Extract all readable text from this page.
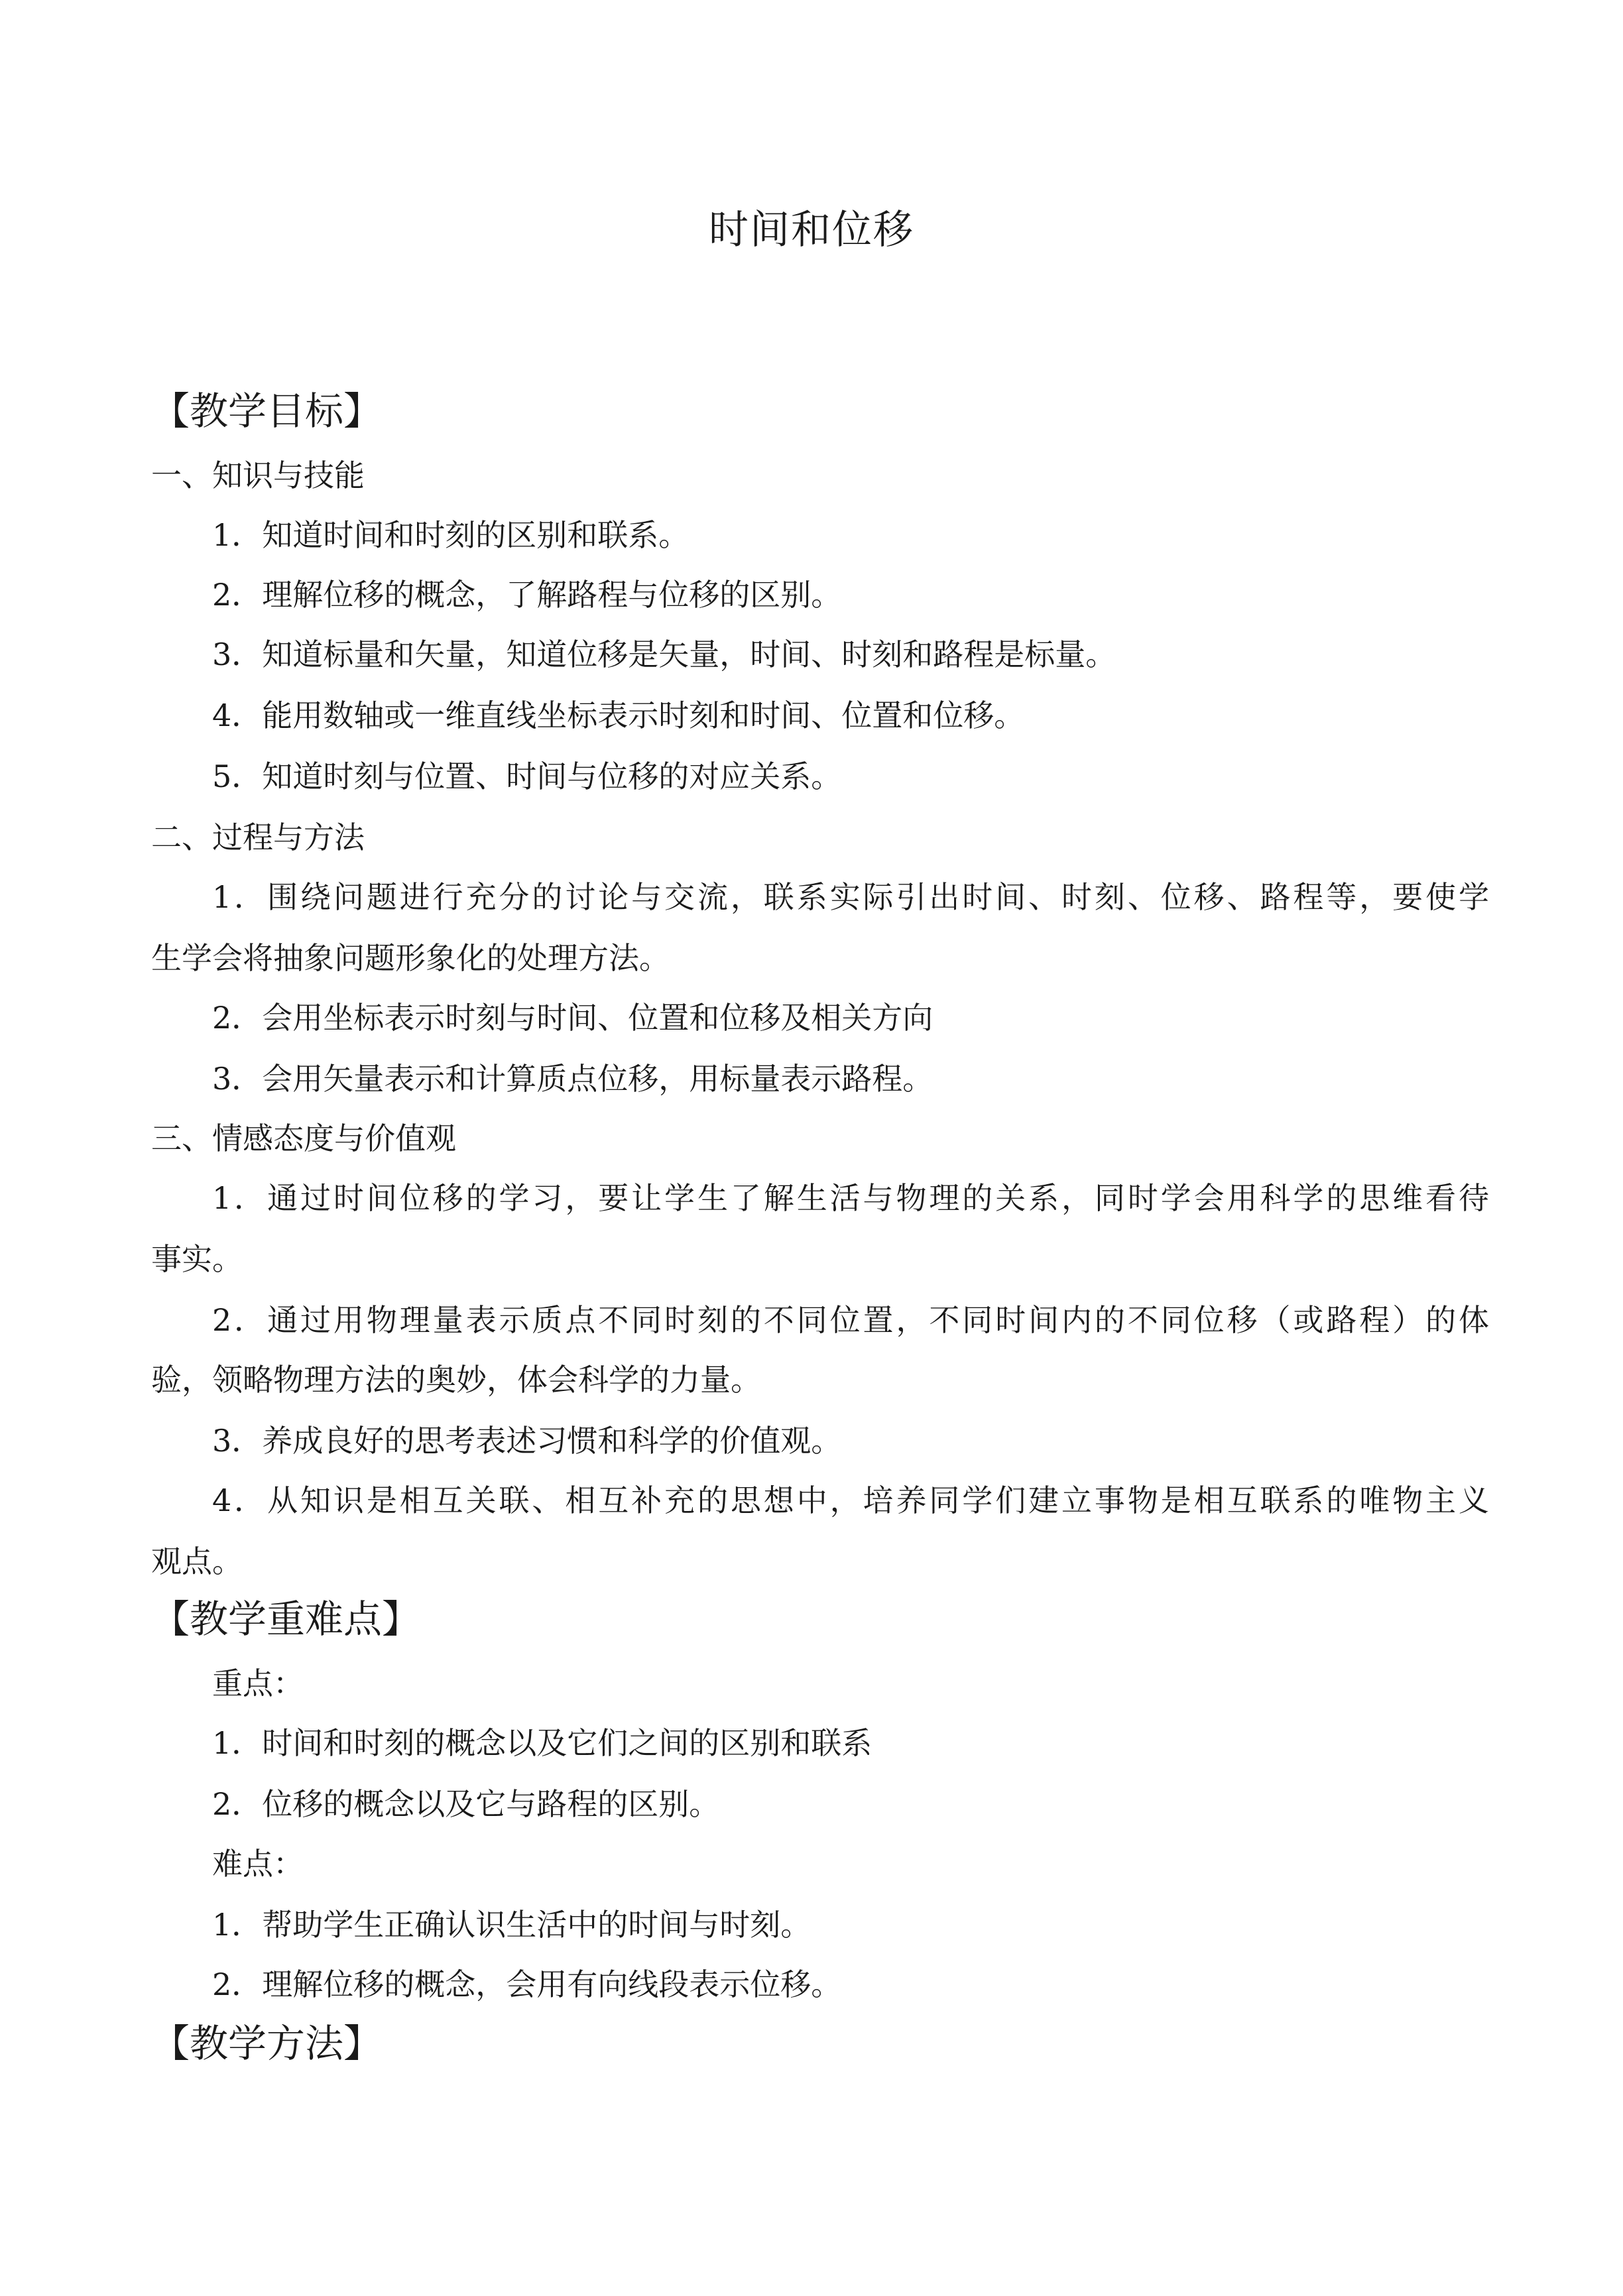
时间和位移
【教学目标】
一、知识与技能
1．知道时间和时刻的区别和联系。
2．理解位移的概念，了解路程与位移的区别。
3．知道标量和矢量，知道位移是矢量，时间、时刻和路程是标量。
4．能用数轴或一维直线坐标表示时刻和时间、位置和位移。
5．知道时刻与位置、时间与位移的对应关系。
二、过程与方法
1．围绕问题进行充分的讨论与交流，联系实际引出时间、时刻、位移、路程等，要使学
生学会将抽象问题形象化的处理方法。
2．会用坐标表示时刻与时间、位置和位移及相关方向
3．会用矢量表示和计算质点位移，用标量表示路程。
三、情感态度与价值观
1．通过时间位移的学习，要让学生了解生活与物理的关系，同时学会用科学的思维看待
事实。
2．通过用物理量表示质点不同时刻的不同位置，不同时间内的不同位移（或路程）的体
验，领略物理方法的奥妙，体会科学的力量。
3．养成良好的思考表述习惯和科学的价值观。
4．从知识是相互关联、相互补充的思想中，培养同学们建立事物是相互联系的唯物主义
观点。
【教学重难点】
重点：
1．时间和时刻的概念以及它们之间的区别和联系
2．位移的概念以及它与路程的区别。
难点：
1．帮助学生正确认识生活中的时间与时刻。
2．理解位移的概念，会用有向线段表示位移。
【教学方法】
